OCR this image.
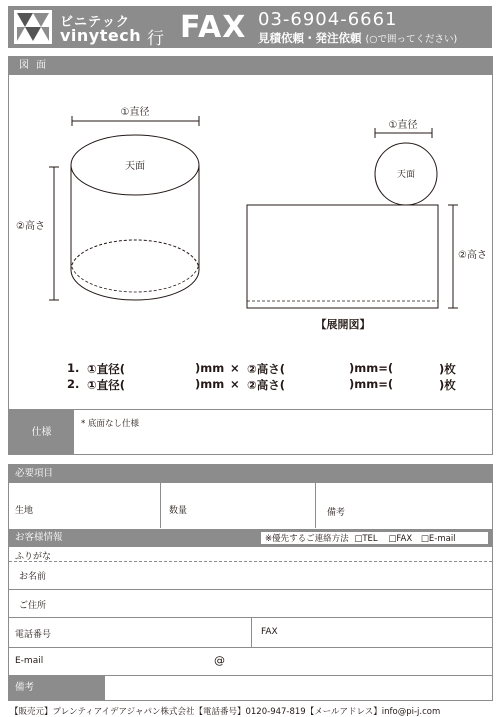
ビニテック
vinytech 行 FAX 03-6904-6661
見積依頼・発注依頼 (○で囲ってください)
図 面
①直径
天面
②高さ
①直径
天面
②高さ
【展開図】
1. ①直径(	)mm × ②高さ(	)mm=(	)枚
2. ①直径(	)mm × ②高さ(	)mm=(	)枚
仕様
* 底面なし仕様
必要項目
生地	数量	備考
お客様情報	※優先するご連絡方法 □TEL □FAX □E-mail
ふりがな
お名前
ご住所
電話番号	FAX
E-mail	@
備考
【販売元】プレンティアイデアジャパン株式会社【電話番号】0120-947-819【メールアドレス】info@pi-j.com
